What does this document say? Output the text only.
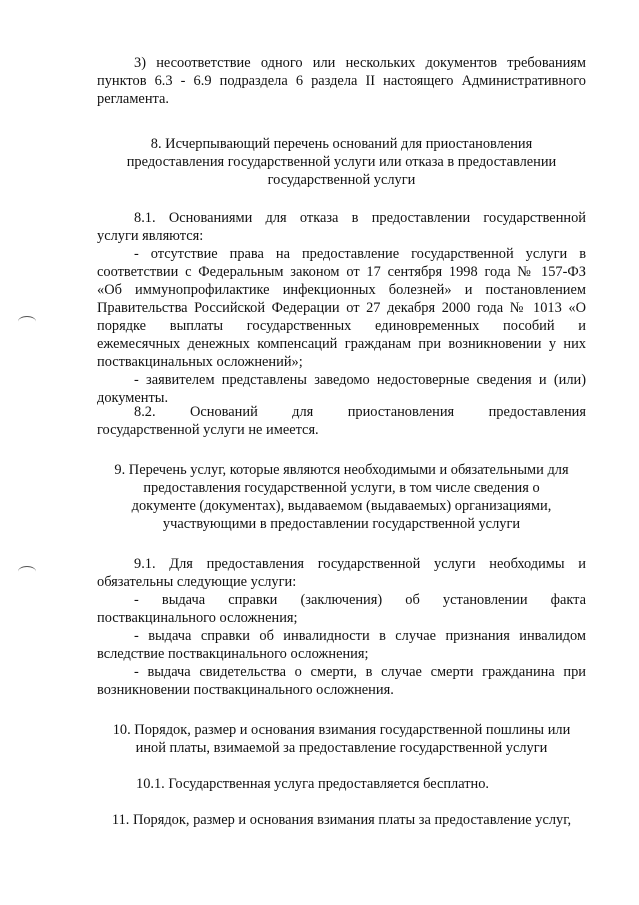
3) несоответствие одного или нескольких документов требованиям
пунктов 6.3 - 6.9 подраздела 6 раздела II настоящего Административного
регламента.
8. Исчерпывающий перечень оснований для приостановления
предоставления государственной услуги или отказа в предоставлении
государственной услуги
8.1. Основаниями для отказа в предоставлении государственной
услуги являются:
- отсутствие права на предоставление государственной услуги в
соответствии с Федеральным законом от 17 сентября 1998 года № 157-ФЗ
«Об иммунопрофилактике инфекционных болезней» и постановлением
Правительства Российской Федерации от 27 декабря 2000 года № 1013 «О
порядке выплаты государственных единовременных пособий и
ежемесячных денежных компенсаций гражданам при возникновении у них
поствакцинальных осложнений»;
- заявителем представлены заведомо недостоверные сведения и (или)
документы.
8.2. Оснований для приостановления предоставления
государственной услуги не имеется.
9. Перечень услуг, которые являются необходимыми и обязательными для
предоставления государственной услуги, в том числе сведения о
документе (документах), выдаваемом (выдаваемых) организациями,
участвующими в предоставлении государственной услуги
9.1. Для предоставления государственной услуги необходимы и
обязательны следующие услуги:
- выдача справки (заключения) об установлении факта
поствакцинального осложнения;
- выдача справки об инвалидности в случае признания инвалидом
вследствие поствакцинального осложнения;
- выдача свидетельства о смерти, в случае смерти гражданина при
возникновении поствакцинального осложнения.
10. Порядок, размер и основания взимания государственной пошлины или
иной платы, взимаемой за предоставление государственной услуги
10.1. Государственная услуга предоставляется бесплатно.
11. Порядок, размер и основания взимания платы за предоставление услуг,
